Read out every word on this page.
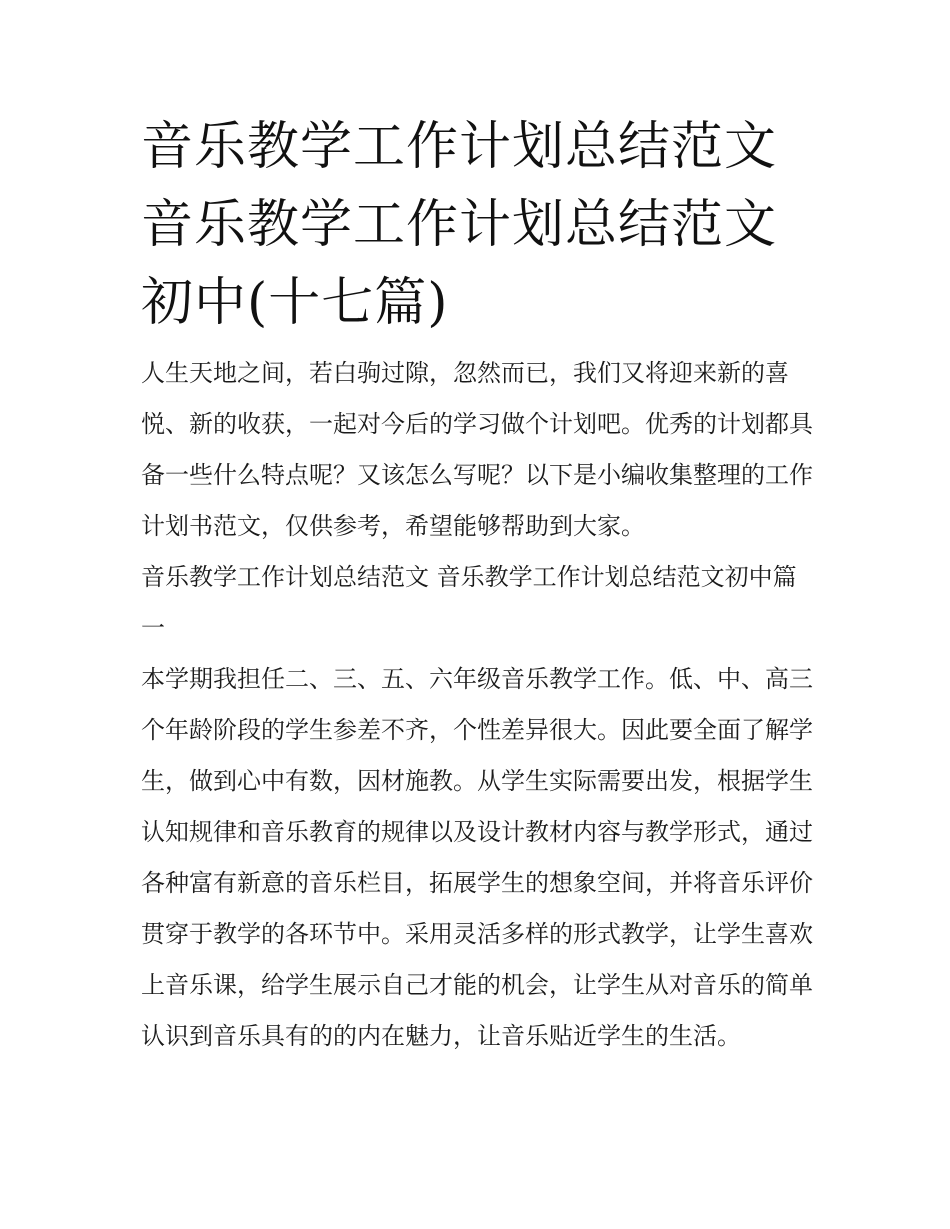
音乐教学工作计划总结范文 音乐教学工作计划总结范文初中(十七篇)

人生天地之间，若白驹过隙，忽然而已，我们又将迎来新的喜悦、新的收获，一起对今后的学习做个计划吧。优秀的计划都具备一些什么特点呢？又该怎么写呢？以下是小编收集整理的工作计划书范文，仅供参考，希望能够帮助到大家。

音乐教学工作计划总结范文 音乐教学工作计划总结范文初中篇一

本学期我担任二、三、五、六年级音乐教学工作。低、中、高三个年龄阶段的学生参差不齐，个性差异很大。因此要全面了解学生，做到心中有数，因材施教。从学生实际需要出发，根据学生认知规律和音乐教育的规律以及设计教材内容与教学形式，通过各种富有新意的音乐栏目，拓展学生的想象空间，并将音乐评价贯穿于教学的各环节中。采用灵活多样的形式教学，让学生喜欢上音乐课，给学生展示自己才能的机会，让学生从对音乐的简单认识到音乐具有的的内在魅力，让音乐贴近学生的生活。
